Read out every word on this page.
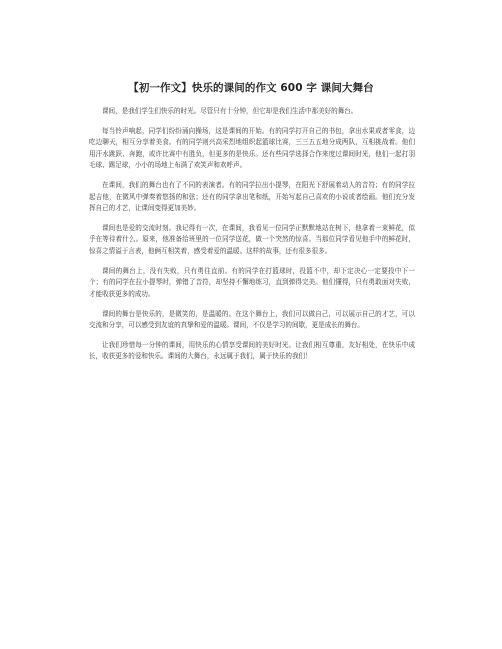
【初一作文】快乐的课间的作文 600 字 课间大舞台

课间，是我们学生们快乐的时光。尽管只有十分钟，但它却是我们生活中那美好的舞台。

每当铃声响起，同学们纷纷涌向操场，这是课间的开始。有的同学打开自己的书包，拿出水果或者零食，边吃边聊天，相互分享着美食。有的同学则兴高采烈地组织起篮球比赛，三三五五地分成两队，互相挑战着。他们用汗水跳跃、奔跑，或许比赛中有胜负，但更多的是快乐。还有些同学选择合作来度过课间时光，他们一起打羽毛球、踢足球，小小的场地上布满了欢笑声和欢呼声。

在课间，我们的舞台也有了不同的表演者。有的同学拉出小提琴，在阳光下舒展着动人的音符；有的同学拉起吉他，在微风中弹奏着悠扬的和弦；还有的同学拿出笔和纸，开始写起自己喜欢的小说或者绘画。他们充分发挥自己的才艺，让课间变得更加美妙。

课间也是爱的交流时刻。我记得有一次，在课间，我看见一位同学正默默地站在树下，他拿着一束鲜花，似乎在等待着什么。原来，他准备给班里的一位同学送花，做一个突然的惊喜。当那位同学看见他手中的鲜花时，惊喜之情溢于言表，他俩互相笑着，感受着爱的温暖。这样的故事，还有很多很多。

课间的舞台上，没有失败，只有勇往直前。有的同学在打篮球时，投篮不中，却下定决心一定要投中下一个；有的同学在拉小提琴时，弹错了音符，却坚持不懈地练习，直到弹得完美。他们懂得，只有勇敢面对失败，才能收获更多的成功。

课间的舞台是快乐的，是微笑的，是温暖的。在这个舞台上，我们可以做自己，可以展示自己的才艺，可以交流和分享，可以感受到友谊的真挚和爱的温暖。课间，不仅是学习的间歇，更是成长的舞台。

让我们珍惜每一分钟的课间，用快乐的心情享受课间的美好时光。让我们相互尊重，友好相处，在快乐中成长，收获更多的爱和快乐。课间的大舞台，永远属于我们，属于快乐的我们！
